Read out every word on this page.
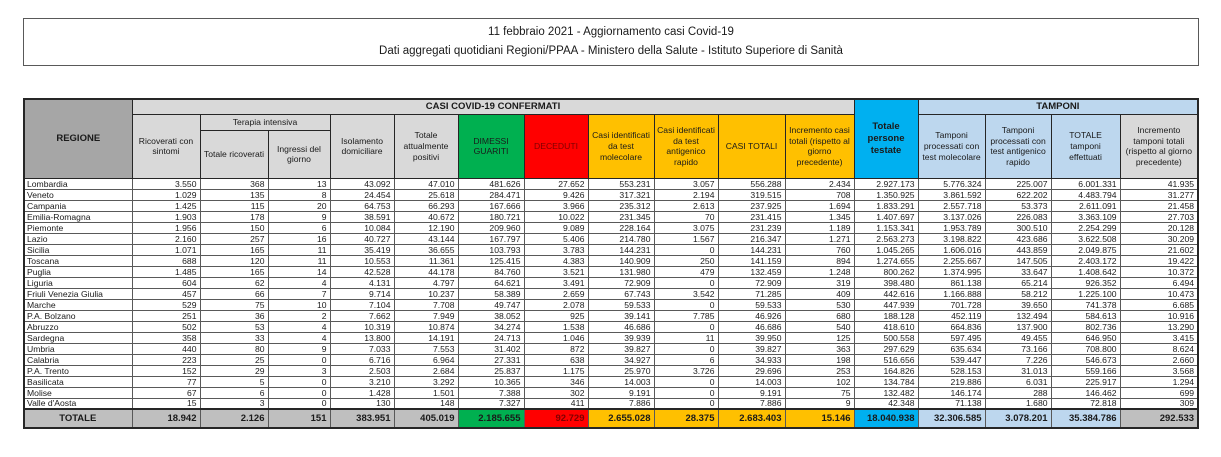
11 febbraio 2021 - Aggiornamento casi Covid-19
Dati aggregati quotidiani Regioni/PPAA - Ministero della Salute - Istituto Superiore di Sanità
REGIONE	CASI COVID-19 CONFERMATI											Totale persone testate	TAMPONI			
	Ricoverati con sintomi	Terapia intensiva		Isolamento domiciliare	Totale attualmente positivi	DIMESSI GUARITI	DECEDUTI	Casi identificati da test molecolare	Casi identificati da test antigenico rapido	CASI TOTALI	Incremento casi totali (rispetto al giorno precedente)		Tamponi processati con test molecolare	Tamponi processati con test antigenico rapido	TOTALE tamponi effettuati	Incremento tamponi totali (rispetto al giorno precedente)
		Totale ricoverati	Ingressi del giorno													
Lombardia	3.550	368	13	43.092	47.010	481.626	27.652	553.231	3.057	556.288	2.434	2.927.173	5.776.324	225.007	6.001.331	41.935
Veneto	1.029	135	8	24.454	25.618	284.471	9.426	317.321	2.194	319.515	708	1.350.925	3.861.592	622.202	4.483.794	31.277
Campania	1.425	115	20	64.753	66.293	167.666	3.966	235.312	2.613	237.925	1.694	1.833.291	2.557.718	53.373	2.611.091	21.458
Emilia-Romagna	1.903	178	9	38.591	40.672	180.721	10.022	231.345	70	231.415	1.345	1.407.697	3.137.026	226.083	3.363.109	27.703
Piemonte	1.956	150	6	10.084	12.190	209.960	9.089	228.164	3.075	231.239	1.189	1.153.341	1.953.789	300.510	2.254.299	20.128
Lazio	2.160	257	16	40.727	43.144	167.797	5.406	214.780	1.567	216.347	1.271	2.563.273	3.198.822	423.686	3.622.508	30.209
Sicilia	1.071	165	11	35.419	36.655	103.793	3.783	144.231	0	144.231	760	1.045.265	1.606.016	443.859	2.049.875	21.602
Toscana	688	120	11	10.553	11.361	125.415	4.383	140.909	250	141.159	894	1.274.655	2.255.667	147.505	2.403.172	19.422
Puglia	1.485	165	14	42.528	44.178	84.760	3.521	131.980	479	132.459	1.248	800.262	1.374.995	33.647	1.408.642	10.372
Liguria	604	62	4	4.131	4.797	64.621	3.491	72.909	0	72.909	319	398.480	861.138	65.214	926.352	6.494
Friuli Venezia Giulia	457	66	7	9.714	10.237	58.389	2.659	67.743	3.542	71.285	409	442.616	1.166.888	58.212	1.225.100	10.473
Marche	529	75	10	7.104	7.708	49.747	2.078	59.533	0	59.533	530	447.939	701.728	39.650	741.378	6.685
P.A. Bolzano	251	36	2	7.662	7.949	38.052	925	39.141	7.785	46.926	680	188.128	452.119	132.494	584.613	10.916
Abruzzo	502	53	4	10.319	10.874	34.274	1.538	46.686	0	46.686	540	418.610	664.836	137.900	802.736	13.290
Sardegna	358	33	4	13.800	14.191	24.713	1.046	39.939	11	39.950	125	500.558	597.495	49.455	646.950	3.415
Umbria	440	80	9	7.033	7.553	31.402	872	39.827	0	39.827	363	297.629	635.634	73.166	708.800	8.624
Calabria	223	25	0	6.716	6.964	27.331	638	34.927	6	34.933	198	516.656	539.447	7.226	546.673	2.660
P.A. Trento	152	29	3	2.503	2.684	25.837	1.175	25.970	3.726	29.696	253	164.826	528.153	31.013	559.166	3.568
Basilicata	77	5	0	3.210	3.292	10.365	346	14.003	0	14.003	102	134.784	219.886	6.031	225.917	1.294
Molise	67	6	0	1.428	1.501	7.388	302	9.191	0	9.191	75	132.482	146.174	288	146.462	699
Valle d'Aosta	15	3	0	130	148	7.327	411	7.886	0	7.886	9	42.348	71.138	1.680	72.818	309
TOTALE	18.942	2.126	151	383.951	405.019	2.185.655	92.729	2.655.028	28.375	2.683.403	15.146	18.040.938	32.306.585	3.078.201	35.384.786	292.533
